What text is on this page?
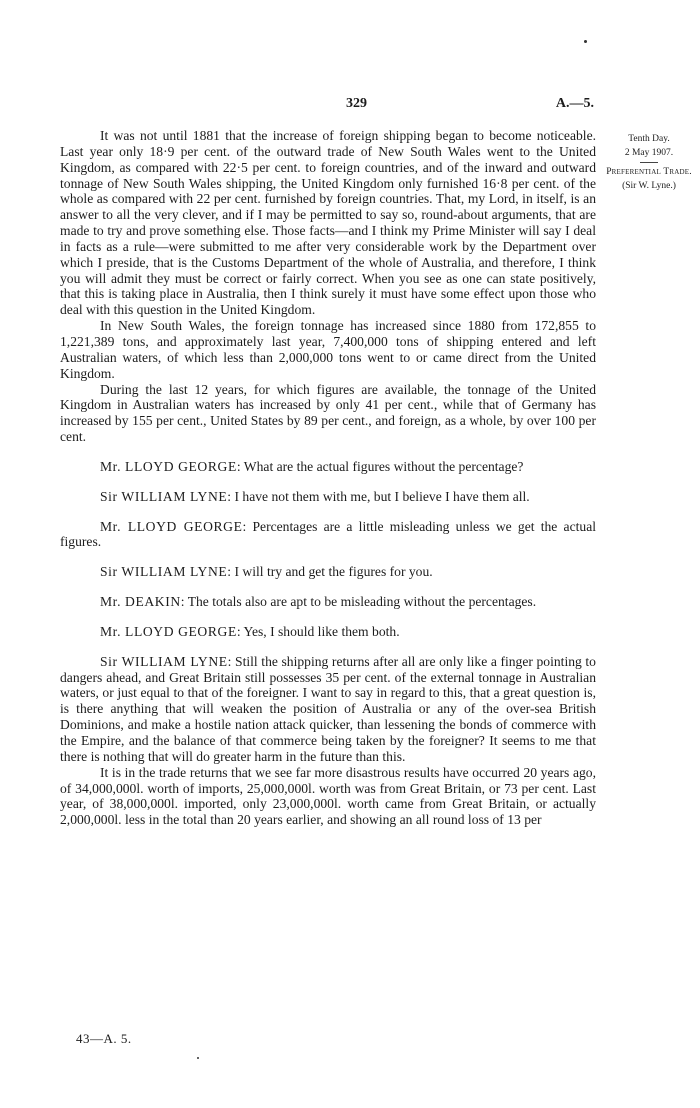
329	A.—5.
Tenth Day.
2 May 1907.
Preferential Trade.
(Sir W. Lyne.)

It was not until 1881 that the increase of foreign shipping began to become noticeable. Last year only 18·9 per cent. of the outward trade of New South Wales went to the United Kingdom, as compared with 22·5 per cent. to foreign countries, and of the inward and outward tonnage of New South Wales shipping, the United Kingdom only furnished 16·8 per cent. of the whole as compared with 22 per cent. furnished by foreign countries. That, my Lord, in itself, is an answer to all the very clever, and if I may be permitted to say so, round-about arguments, that are made to try and prove something else. Those facts—and I think my Prime Minister will say I deal in facts as a rule—were submitted to me after very considerable work by the Department over which I preside, that is the Customs Department of the whole of Australia, and therefore, I think you will admit they must be correct or fairly correct. When you see as one can state positively, that this is taking place in Australia, then I think surely it must have some effect upon those who deal with this question in the United Kingdom.

In New South Wales, the foreign tonnage has increased since 1880 from 172,855 to 1,221,389 tons, and approximately last year, 7,400,000 tons of shipping entered and left Australian waters, of which less than 2,000,000 tons went to or came direct from the United Kingdom.

During the last 12 years, for which figures are available, the tonnage of the United Kingdom in Australian waters has increased by only 41 per cent., while that of Germany has increased by 155 per cent., United States by 89 per cent., and foreign, as a whole, by over 100 per cent.

Mr. LLOYD GEORGE: What are the actual figures without the percentage?

Sir WILLIAM LYNE: I have not them with me, but I believe I have them all.

Mr. LLOYD GEORGE: Percentages are a little misleading unless we get the actual figures.

Sir WILLIAM LYNE: I will try and get the figures for you.

Mr. DEAKIN: The totals also are apt to be misleading without the percentages.

Mr. LLOYD GEORGE: Yes, I should like them both.

Sir WILLIAM LYNE: Still the shipping returns after all are only like a finger pointing to dangers ahead, and Great Britain still possesses 35 per cent. of the external tonnage in Australian waters, or just equal to that of the foreigner. I want to say in regard to this, that a great question is, is there anything that will weaken the position of Australia or any of the over-sea British Dominions, and make a hostile nation attack quicker, than lessening the bonds of commerce with the Empire, and the balance of that commerce being taken by the foreigner? It seems to me that there is nothing that will do greater harm in the future than this.

It is in the trade returns that we see far more disastrous results have occurred 20 years ago, of 34,000,000l. worth of imports, 25,000,000l. worth was from Great Britain, or 73 per cent. Last year, of 38,000,000l. imported, only 23,000,000l. worth came from Great Britain, or actually 2,000,000l. less in the total than 20 years earlier, and showing an all round loss of 13 per

43—A. 5.
